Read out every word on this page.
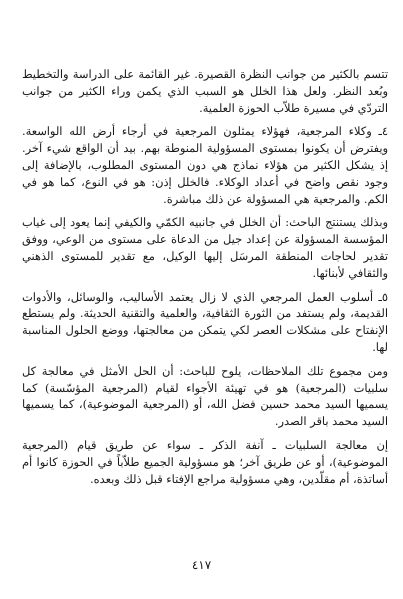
تتسم بالكثير من جوانب النظرة القصيرة. غير القائمة على الدراسة والتخطيط وبُعد النظر. ولعل هذا الخلل هو السبب الذي يكمن وراء الكثير من جوانب التردّي في مسيرة طلاّب الحوزة العلمية.

٤ـ وكلاء المرجعية، فهؤلاء يمثلون المرجعية في أرجاء أرض الله الواسعة. ويفترض أن يكونوا بمستوى المسؤولية المنوطة بهم. بيد أن الواقع شيء آخر. إذ يشكل الكثير من هؤلاء نماذج هي دون المستوى المطلوب، بالإضافة إلى وجود نقص واضح في أعداد الوكلاء. فالخلل إذن: هو في النوع، كما هو في الكم. والمرجعية هي المسؤولة عن ذلك مباشرة.

وبذلك يستنتج الباحث: أن الخلل في جانبيه الكمّي والكيفي إنما يعود إلى غياب المؤسسة المسؤولة عن إعداد جيل من الدعاة على مستوى من الوعي، ووفق تقدير لحاجات المنطقة المرسَل إليها الوكيل، مع تقدير للمستوى الذهني والثقافي لأبنائها.

٥ـ أسلوب العمل المرجعي الذي لا زال يعتمد الأساليب، والوسائل، والأدوات القديمة، ولم يستفد من الثورة الثقافية، والعلمية والتقنية الحديثة. ولم يستطع الإنفتاح على مشكلات العصر لكي يتمكن من معالجتها، ووضع الحلول المناسبة لها.

ومن مجموع تلك الملاحظات، يلوح للباحث: أن الحل الأمثل في معالجة كل سلبيات (المرجعية) هو في تهيئة الأجواء لقيام (المرجعية المؤسّسة) كما يسميها السيد محمد حسين فضل الله، أو (المرجعية الموضوعية)، كما يسميها السيد محمد باقر الصدر.

إن معالجة السلبيات ـ آنفة الذكر ـ سواء عن طريق قيام (المرجعية الموضوعية)، أو عن طريق آخر؛ هو مسؤولية الجميع طلاّباً في الحوزة كانوا أم أساتذة، أم مقلّدين، وهي مسؤولية مراجع الإفتاء قبل ذلك وبعده.

٤١٧
